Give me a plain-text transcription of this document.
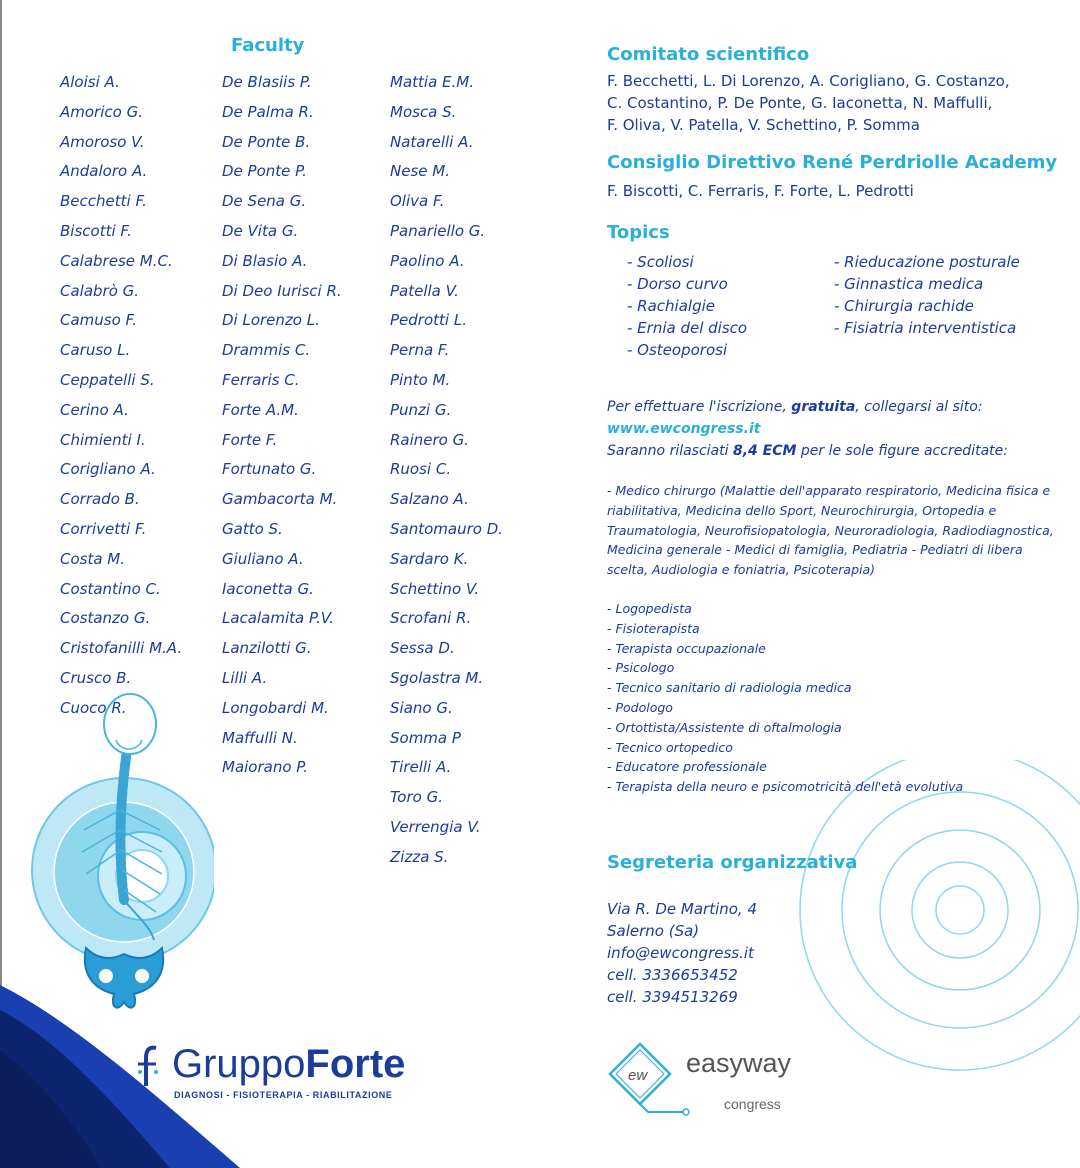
Faculty
Aloisi A.
Amorico G.
Amoroso V.
Andaloro A.
Becchetti F.
Biscotti F.
Calabrese M.C.
Calabrò G.
Camuso F.
Caruso L.
Ceppatelli S.
Cerino A.
Chimienti I.
Corigliano A.
Corrado B.
Corrivetti F.
Costa M.
Costantino C.
Costanzo G.
Cristofanilli M.A.
Crusco B.
Cuoco R.
De Blasiis P.
De Palma R.
De Ponte B.
De Ponte P.
De Sena G.
De Vita G.
Di Blasio A.
Di Deo Iurisci R.
Di Lorenzo L.
Drammis C.
Ferraris C.
Forte A.M.
Forte F.
Fortunato G.
Gambacorta M.
Gatto S.
Giuliano A.
Iaconetta G.
Lacalamita P.V.
Lanzilotti G.
Lilli A.
Longobardi M.
Maffulli N.
Maiorano P.
Mattia E.M.
Mosca S.
Natarelli A.
Nese M.
Oliva F.
Panariello G.
Paolino A.
Patella V.
Pedrotti L.
Perna F.
Pinto M.
Punzi G.
Rainero G.
Ruosi C.
Salzano A.
Santomauro D.
Sardaro K.
Schettino V.
Scrofani R.
Sessa D.
Sgolastra M.
Siano G.
Somma P
Tirelli A.
Toro G.
Verrengia V.
Zizza S.
Comitato scientifico

F. Becchetti, L. Di Lorenzo, A. Corigliano, G. Costanzo,
C. Costantino, P. De Ponte, G. Iaconetta, N. Maffulli,
F. Oliva, V. Patella, V. Schettino, P. Somma

Consiglio Direttivo René Perdriolle Academy

F. Biscotti, C. Ferraris, F. Forte, L. Pedrotti

Topics
- Scoliosi
- Dorso curvo
- Rachialgie
- Ernia del disco
- Osteoporosi
- Rieducazione posturale
- Ginnastica medica
- Chirurgia rachide
- Fisiatria interventistica

Per effettuare l'iscrizione, gratuita, collegarsi al sito:
www.ewcongress.it
Saranno rilasciati 8,4 ECM per le sole figure accreditate:

- Medico chirurgo (Malattie dell'apparato respiratorio, Medicina fisica e riabilitativa, Medicina dello Sport, Neurochirurgia, Ortopedia e Traumatologia, Neurofisiopatologia, Neuroradiologia, Radiodiagnostica, Medicina generale - Medici di famiglia, Pediatria - Pediatri di libera scelta, Audiologia e foniatria, Psicoterapia)

- Logopedista
- Fisioterapista
- Terapista occupazionale
- Psicologo
- Tecnico sanitario di radiologia medica
- Podologo
- Ortottista/Assistente di oftalmologia
- Tecnico ortopedico
- Educatore professionale
- Terapista della neuro e psicomotricità dell'età evolutiva
Segreteria organizzativa
Via R. De Martino, 4
Salerno (Sa)
info@ewcongress.it
cell. 3336653452
cell. 3394513269
GruppoForte
DIAGNOSI - FISIOTERAPIA - RIABILITAZIONE
ew easyway
congress
